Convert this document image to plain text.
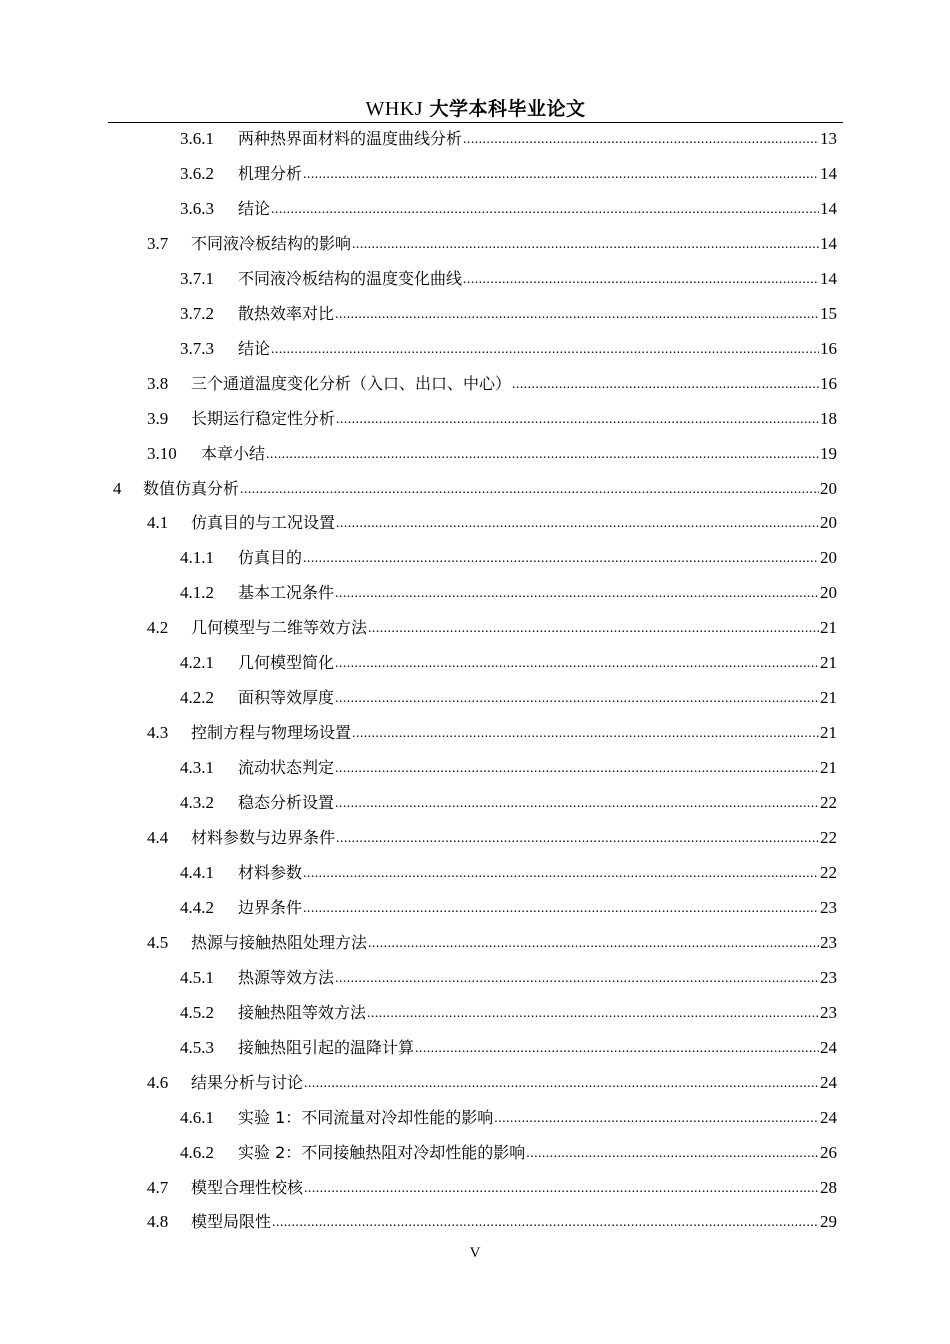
WHKJ 大学本科毕业论文
3.6.1	两种热界面材料的温度曲线分析 .....	13
3.6.2	机理分析 .....	14
3.6.3	结论 .....	14
3.7	不同液冷板结构的影响 .....	14
3.7.1	不同液冷板结构的温度变化曲线 .....	14
3.7.2	散热效率对比 .....	15
3.7.3	结论 .....	16
3.8	三个通道温度变化分析（入口、出口、中心） .....	16
3.9	长期运行稳定性分析 .....	18
3.10	本章小结 .....	19
4	数值仿真分析 .....	20
4.1	仿真目的与工况设置 .....	20
4.1.1	仿真目的 .....	20
4.1.2	基本工况条件 .....	20
4.2	几何模型与二维等效方法 .....	21
4.2.1	几何模型简化 .....	21
4.2.2	面积等效厚度 .....	21
4.3	控制方程与物理场设置 .....	21
4.3.1	流动状态判定 .....	21
4.3.2	稳态分析设置 .....	22
4.4	材料参数与边界条件 .....	22
4.4.1	材料参数 .....	22
4.4.2	边界条件 .....	23
4.5	热源与接触热阻处理方法 .....	23
4.5.1	热源等效方法 .....	23
4.5.2	接触热阻等效方法 .....	23
4.5.3	接触热阻引起的温降计算 .....	24
4.6	结果分析与讨论 .....	24
4.6.1	实验 1：不同流量对冷却性能的影响 .....	24
4.6.2	实验 2：不同接触热阻对冷却性能的影响 .....	26
4.7	模型合理性校核 .....	28
4.8	模型局限性 .....	29
V
